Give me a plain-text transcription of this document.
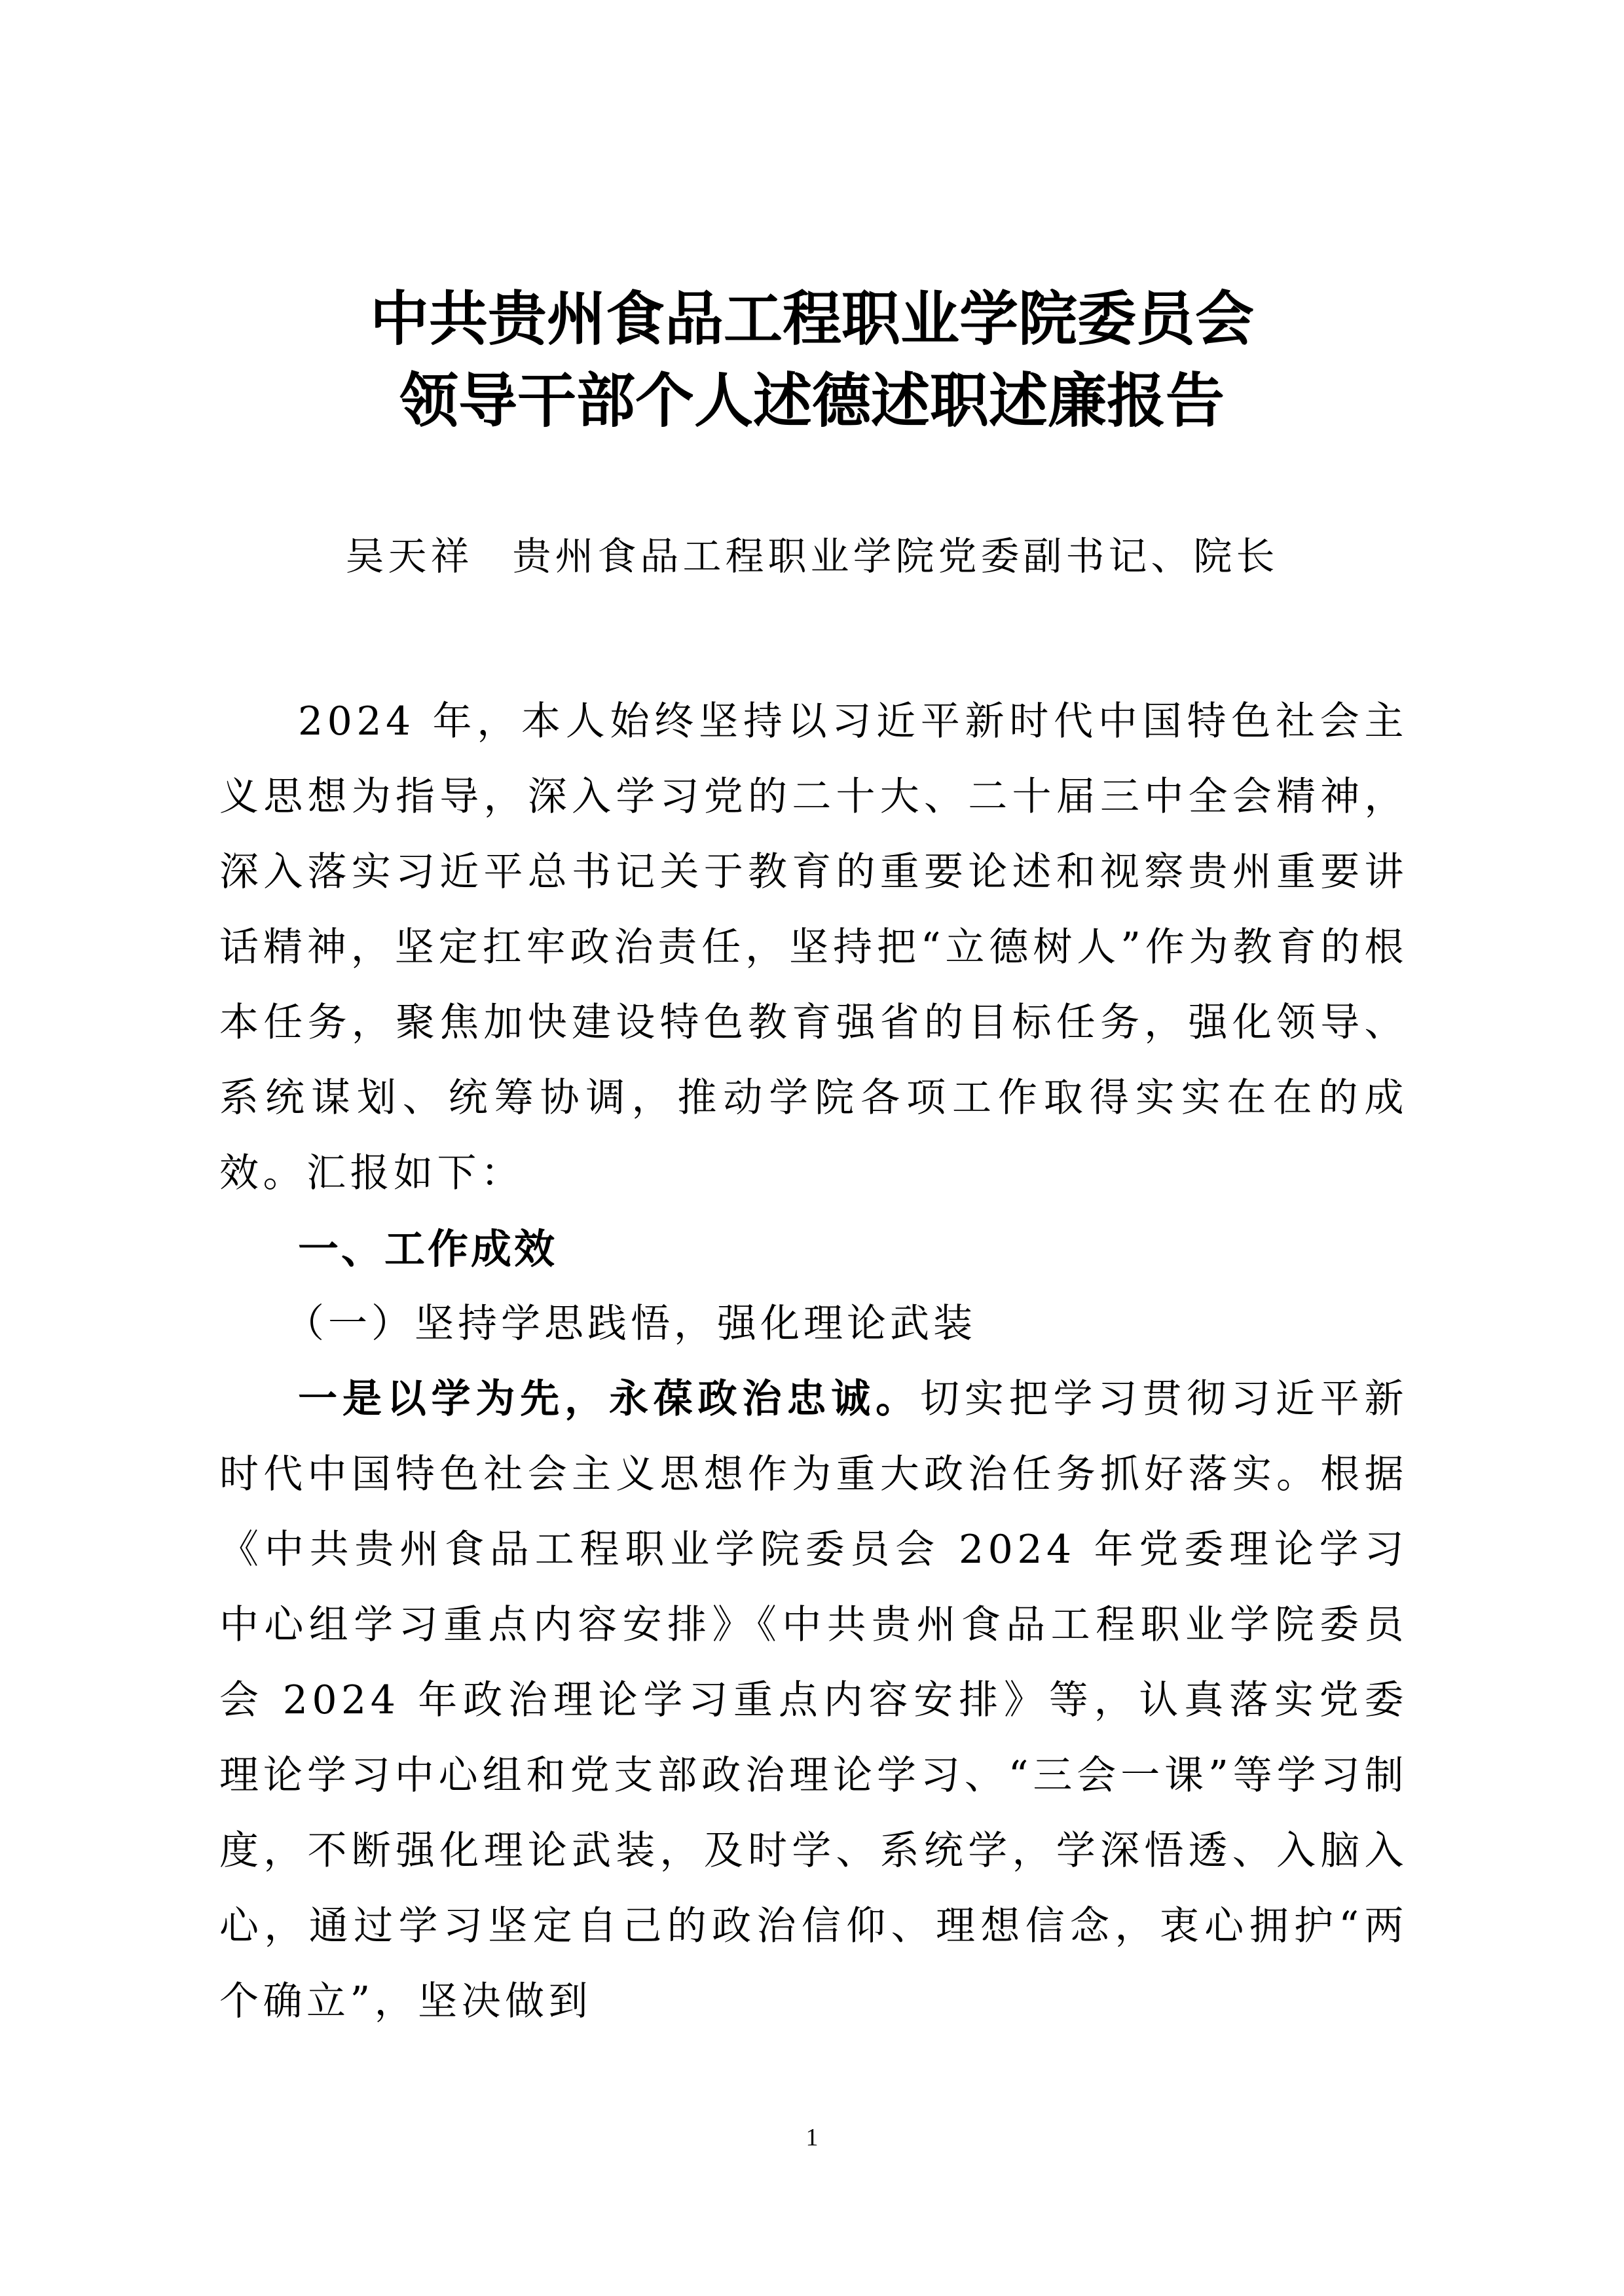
中共贵州食品工程职业学院委员会
领导干部个人述德述职述廉报告
吴天祥 贵州食品工程职业学院党委副书记、院长

2024 年，本人始终坚持以习近平新时代中国特色社会主义思想为指导，深入学习党的二十大、二十届三中全会精神，深入落实习近平总书记关于教育的重要论述和视察贵州重要讲话精神，坚定扛牢政治责任，坚持把“立德树人”作为教育的根本任务，聚焦加快建设特色教育强省的目标任务，强化领导、系统谋划、统筹协调，推动学院各项工作取得实实在在的成效。汇报如下：

一、工作成效

（一）坚持学思践悟，强化理论武装

一是以学为先，永葆政治忠诚。切实把学习贯彻习近平新时代中国特色社会主义思想作为重大政治任务抓好落实。根据《中共贵州食品工程职业学院委员会 2024 年党委理论学习中心组学习重点内容安排》《中共贵州食品工程职业学院委员会 2024 年政治理论学习重点内容安排》等，认真落实党委理论学习中心组和党支部政治理论学习、“三会一课”等学习制度，不断强化理论武装，及时学、系统学，学深悟透、入脑入心，通过学习坚定自己的政治信仰、理想信念，衷心拥护“两个确立”，坚决做到

1
